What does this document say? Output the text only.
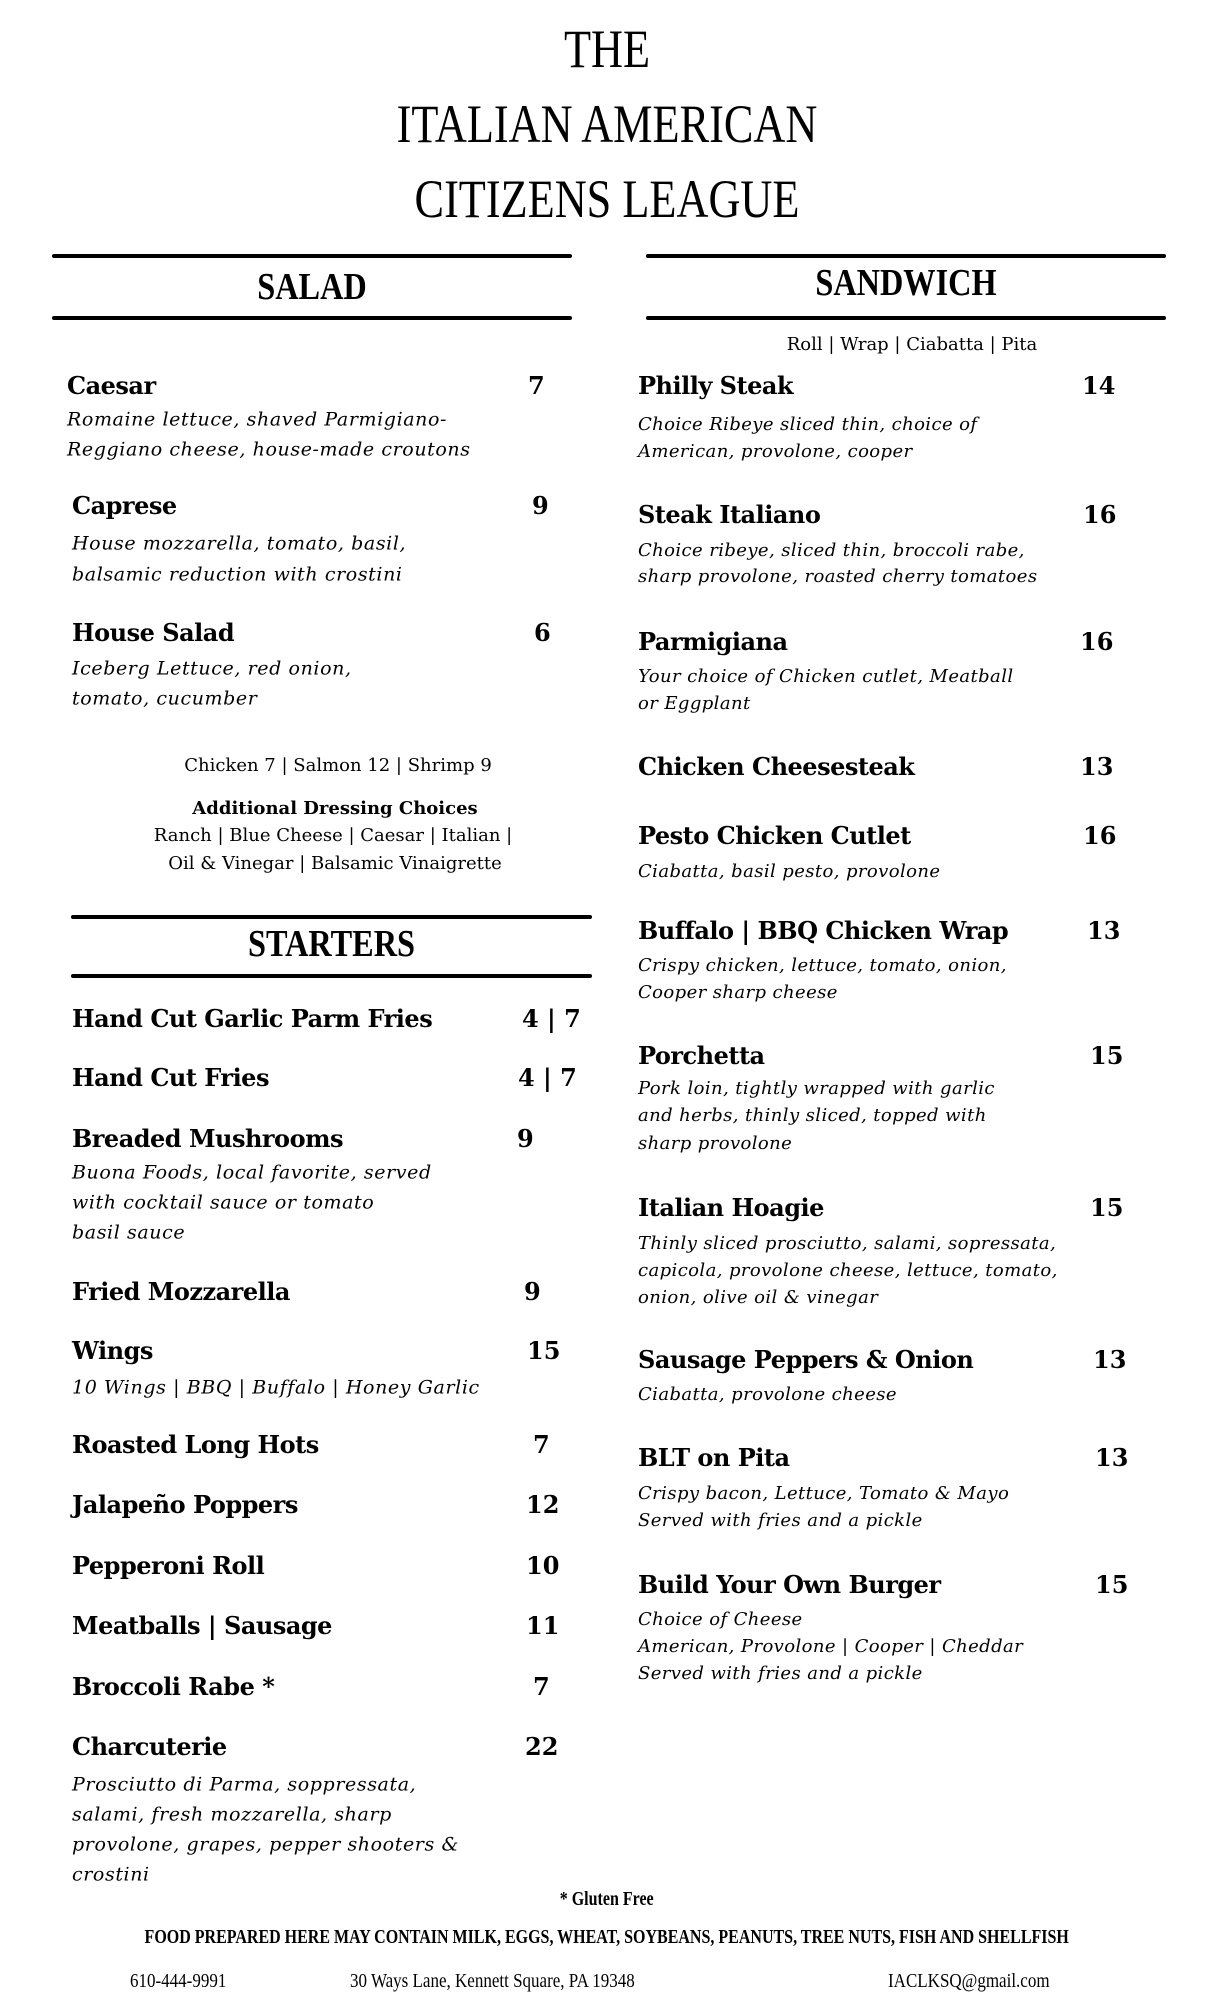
THE
ITALIAN AMERICAN
CITIZENS LEAGUE
SALAD	SANDWICH
Caesar	7
Romaine lettuce, shaved Parmigiano-
Reggiano cheese, house-made croutons
Caprese	9
House mozzarella, tomato, basil,
balsamic reduction with crostini
House Salad	6
Iceberg Lettuce, red onion,
tomato, cucumber
Chicken 7 | Salmon 12 | Shrimp 9
Additional Dressing Choices
Ranch | Blue Cheese | Caesar | Italian |
Oil & Vinegar | Balsamic Vinaigrette
STARTERS
Hand Cut Garlic Parm Fries	4 | 7
Hand Cut Fries	4 | 7
Breaded Mushrooms	9
Buona Foods, local favorite, served
with cocktail sauce or tomato
basil sauce
Fried Mozzarella	9
Wings	15
10 Wings | BBQ | Buffalo | Honey Garlic
Roasted Long Hots	7
Jalapeño Poppers	12
Pepperoni Roll	10
Meatballs | Sausage	11
Broccoli Rabe *	7
Charcuterie	22
Prosciutto di Parma, soppressata,
salami, fresh mozzarella, sharp
provolone, grapes, pepper shooters &
crostini
Roll | Wrap | Ciabatta | Pita
Philly Steak	14
Choice Ribeye sliced thin, choice of
American, provolone, cooper
Steak Italiano	16
Choice ribeye, sliced thin, broccoli rabe,
sharp provolone, roasted cherry tomatoes
Parmigiana	16
Your choice of Chicken cutlet, Meatball
or Eggplant
Chicken Cheesesteak	13
Pesto Chicken Cutlet	16
Ciabatta, basil pesto, provolone
Buffalo | BBQ Chicken Wrap	13
Crispy chicken, lettuce, tomato, onion,
Cooper sharp cheese
Porchetta	15
Pork loin, tightly wrapped with garlic
and herbs, thinly sliced, topped with
sharp provolone
Italian Hoagie	15
Thinly sliced prosciutto, salami, sopressata,
capicola, provolone cheese, lettuce, tomato,
onion, olive oil & vinegar
Sausage Peppers & Onion	13
Ciabatta, provolone cheese
BLT on Pita	13
Crispy bacon, Lettuce, Tomato & Mayo
Served with fries and a pickle
Build Your Own Burger	15
Choice of Cheese
American, Provolone | Cooper | Cheddar
Served with fries and a pickle
* Gluten Free
FOOD PREPARED HERE MAY CONTAIN MILK, EGGS, WHEAT, SOYBEANS, PEANUTS, TREE NUTS, FISH AND SHELLFISH
610-444-9991	30 Ways Lane, Kennett Square, PA 19348	IACLKSQ@gmail.com
